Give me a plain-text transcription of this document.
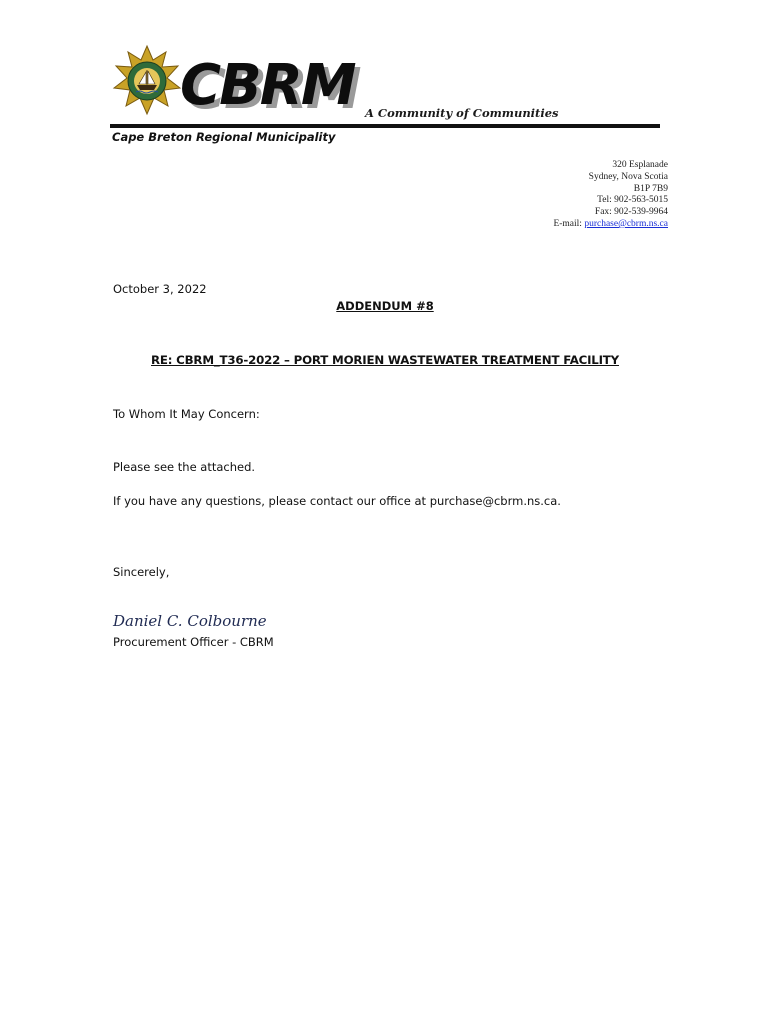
CBRM A Community of Communities
Cape Breton Regional Municipality
320 Esplanade
Sydney, Nova Scotia
B1P 7B9
Tel: 902-563-5015
Fax: 902-539-9964
E-mail: purchase@cbrm.ns.ca
October 3, 2022
ADDENDUM #8
RE: CBRM_T36-2022 – PORT MORIEN WASTEWATER TREATMENT FACILITY
To Whom It May Concern:
Please see the attached.
If you have any questions, please contact our office at purchase@cbrm.ns.ca.
Sincerely,
Daniel C. Colbourne
Procurement Officer - CBRM
